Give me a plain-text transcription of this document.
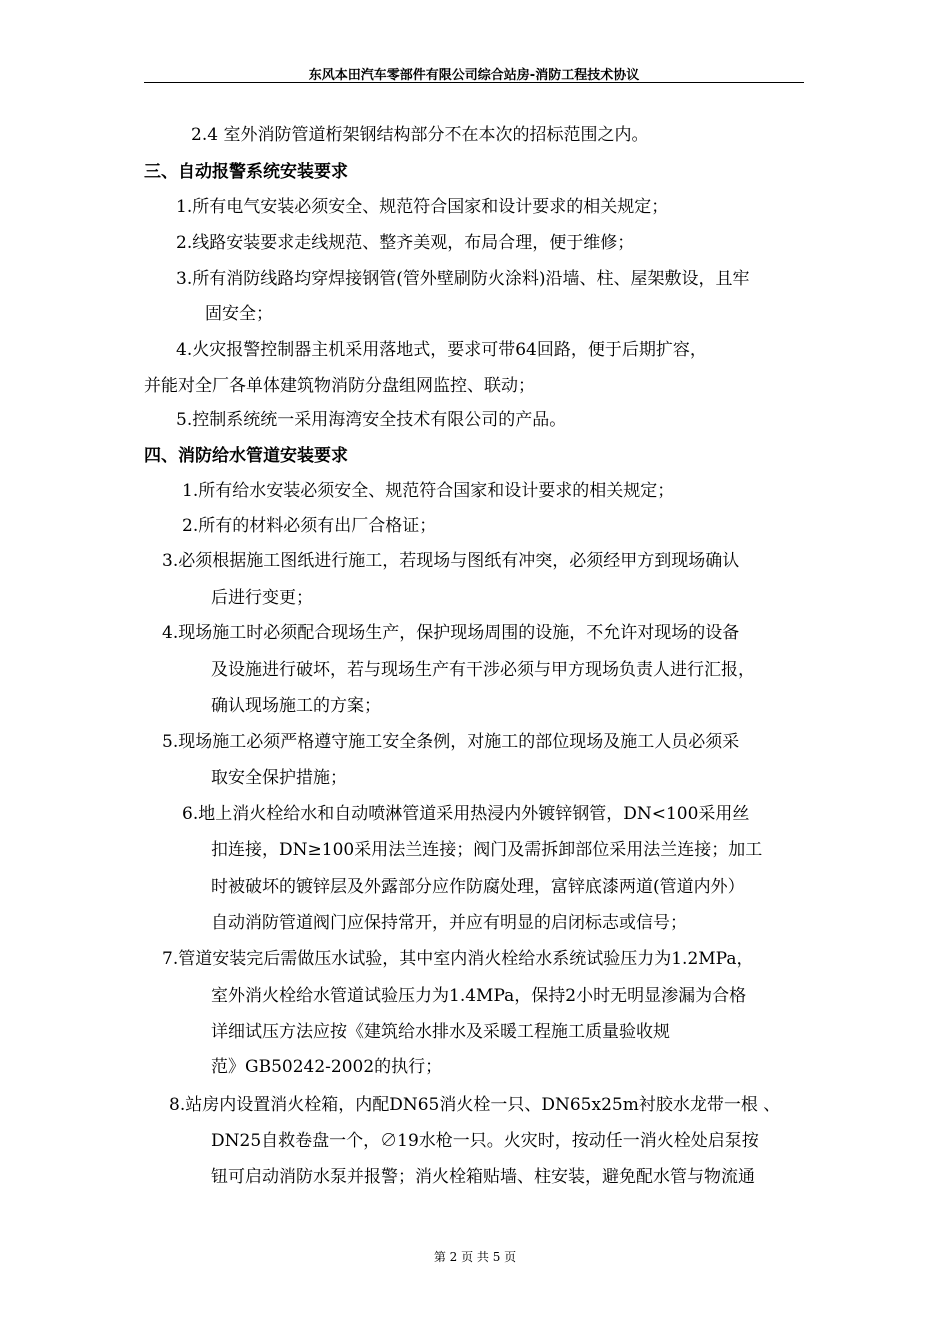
东风本田汽车零部件有限公司综合站房-消防工程技术协议
2.4 室外消防管道桁架钢结构部分不在本次的招标范围之内。
三、自动报警系统安装要求
1.所有电气安装必须安全、规范符合国家和设计要求的相关规定；
2.线路安装要求走线规范、整齐美观，布局合理，便于维修；
3.所有消防线路均穿焊接钢管(管外壁刷防火涂料)沿墙、柱、屋架敷设，且牢
固安全；
4.火灾报警控制器主机采用落地式，要求可带64回路，便于后期扩容，
并能对全厂各单体建筑物消防分盘组网监控、联动；
5.控制系统统一采用海湾安全技术有限公司的产品。
四、消防给水管道安装要求
1.所有给水安装必须安全、规范符合国家和设计要求的相关规定；
2.所有的材料必须有出厂合格证；
3.必须根据施工图纸进行施工，若现场与图纸有冲突，必须经甲方到现场确认
后进行变更；
4.现场施工时必须配合现场生产，保护现场周围的设施，不允许对现场的设备
及设施进行破坏，若与现场生产有干涉必须与甲方现场负责人进行汇报，
确认现场施工的方案；
5.现场施工必须严格遵守施工安全条例，对施工的部位现场及施工人员必须采
取安全保护措施；
6.地上消火栓给水和自动喷淋管道采用热浸内外镀锌钢管，DN<100采用丝
扣连接，DN≥100采用法兰连接；阀门及需拆卸部位采用法兰连接；加工
时被破坏的镀锌层及外露部分应作防腐处理，富锌底漆两道(管道内外）
自动消防管道阀门应保持常开，并应有明显的启闭标志或信号；
7.管道安装完后需做压水试验，其中室内消火栓给水系统试验压力为1.2MPa，
室外消火栓给水管道试验压力为1.4MPa，保持2小时无明显渗漏为合格
详细试压方法应按《建筑给水排水及采暖工程施工质量验收规
范》GB50242-2002的执行；
8.站房内设置消火栓箱，内配DN65消火栓一只、DN65x25m衬胶水龙带一根 、
DN25自救卷盘一个，∅19水枪一只。火灾时，按动任一消火栓处启泵按
钮可启动消防水泵并报警；消火栓箱贴墙、柱安装，避免配水管与物流通
第 2 页 共 5 页
